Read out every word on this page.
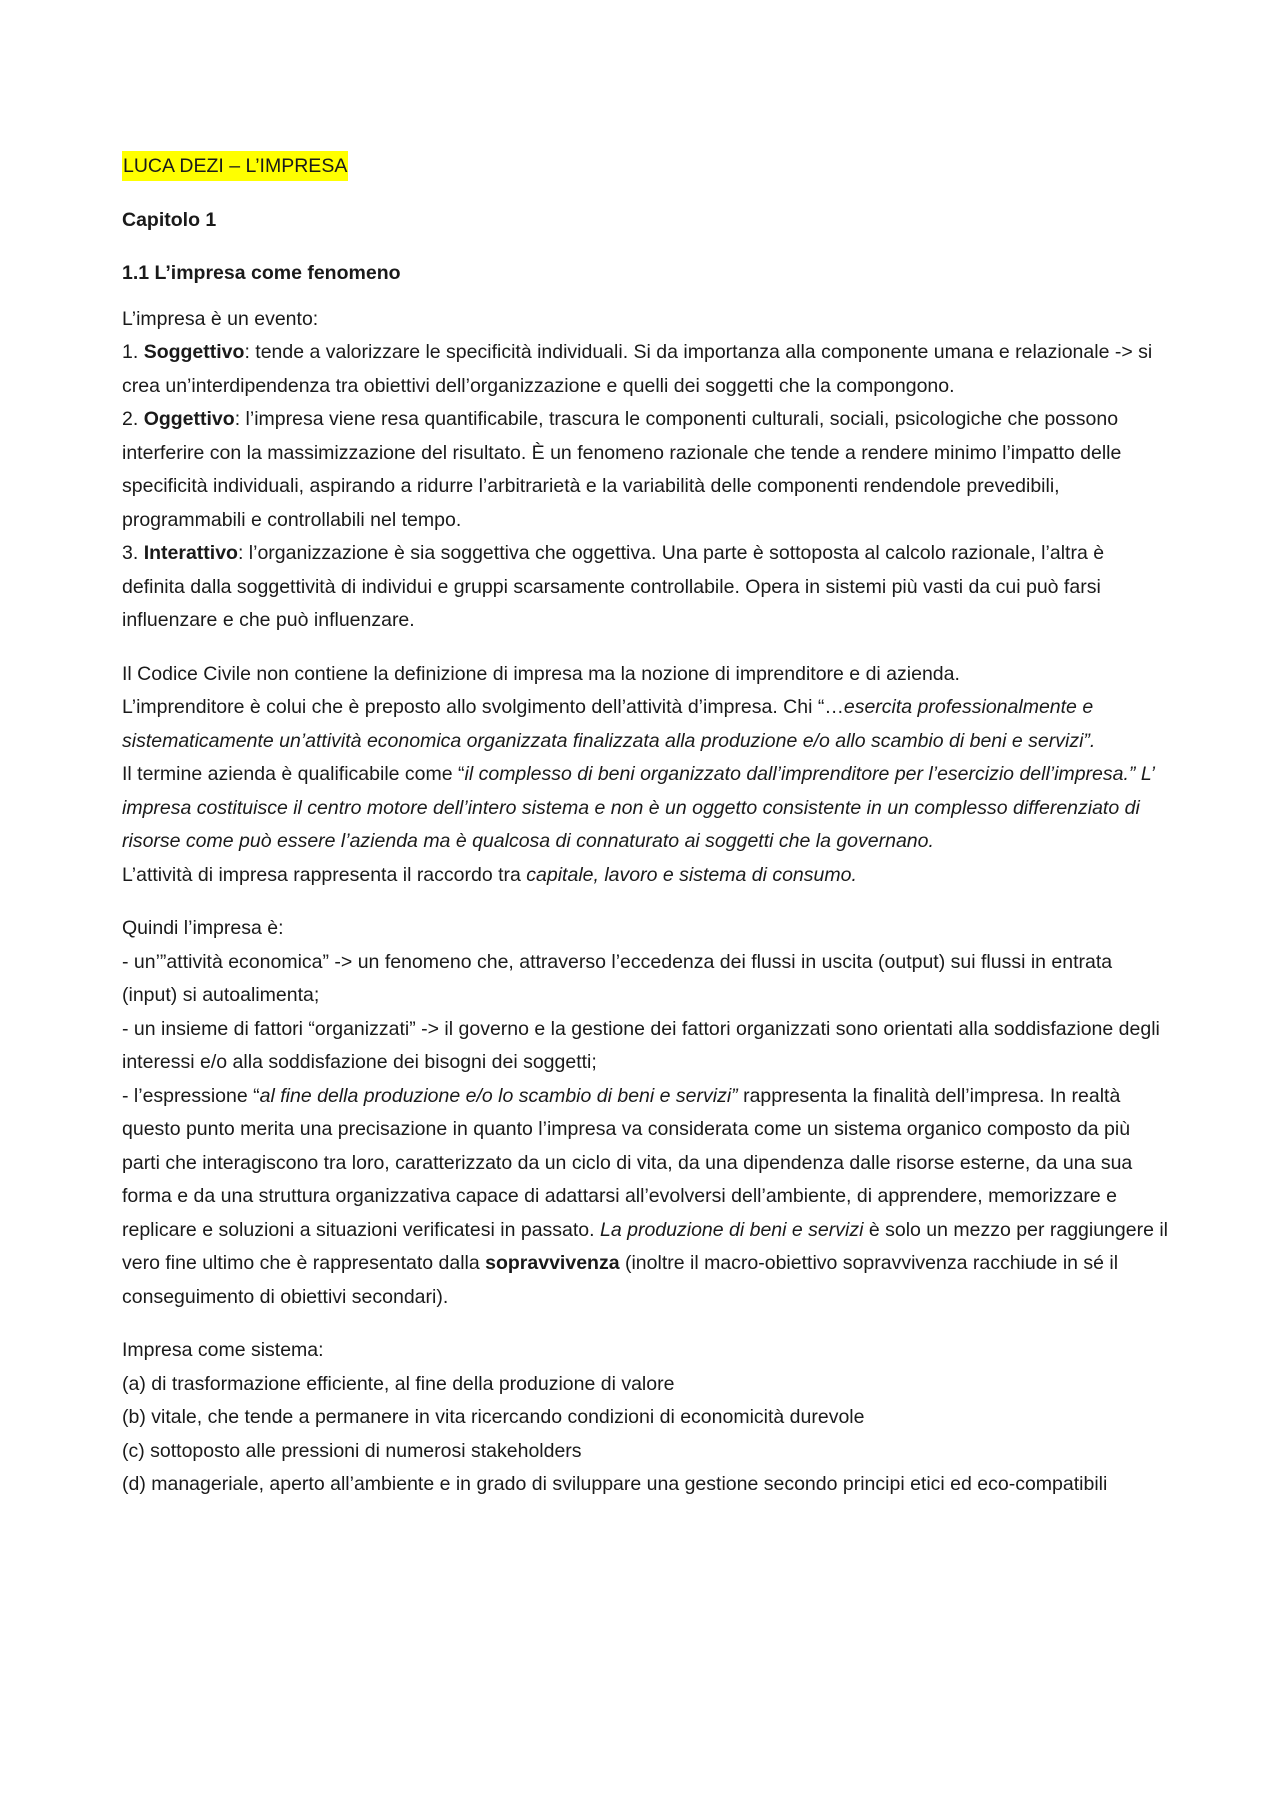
LUCA DEZI – L’IMPRESA

Capitolo 1

1.1 L’impresa come fenomeno

L’impresa è un evento:

1. Soggettivo: tende a valorizzare le specificità individuali. Si da importanza alla componente umana e relazionale -> si crea un’interdipendenza tra obiettivi dell’organizzazione e quelli dei soggetti che la compongono.

2. Oggettivo: l’impresa viene resa quantificabile, trascura le componenti culturali, sociali, psicologiche che possono interferire con la massimizzazione del risultato. È un fenomeno razionale che tende a rendere minimo l’impatto delle specificità individuali, aspirando a ridurre l’arbitrarietà e la variabilità delle componenti rendendole prevedibili, programmabili e controllabili nel tempo.

3. Interattivo: l’organizzazione è sia soggettiva che oggettiva. Una parte è sottoposta al calcolo razionale, l’altra è definita dalla soggettività di individui e gruppi scarsamente controllabile. Opera in sistemi più vasti da cui può farsi influenzare e che può influenzare.

Il Codice Civile non contiene la definizione di impresa ma la nozione di imprenditore e di azienda.

L’imprenditore è colui che è preposto allo svolgimento dell’attività d’impresa. Chi “…esercita professionalmente e sistematicamente un’attività economica organizzata finalizzata alla produzione e/o allo scambio di beni e servizi”.

Il termine azienda è qualificabile come “il complesso di beni organizzato dall’imprenditore per l’esercizio dell’impresa.” L’ impresa costituisce il centro motore dell’intero sistema e non è un oggetto consistente in un complesso differenziato di risorse come può essere l’azienda ma è qualcosa di connaturato ai soggetti che la governano.

L’attività di impresa rappresenta il raccordo tra capitale, lavoro e sistema di consumo.

Quindi l’impresa è:

- un’”attività economica” -> un fenomeno che, attraverso l’eccedenza dei flussi in uscita (output) sui flussi in entrata (input) si autoalimenta;

- un insieme di fattori “organizzati” -> il governo e la gestione dei fattori organizzati sono orientati alla soddisfazione degli interessi e/o alla soddisfazione dei bisogni dei soggetti;

- l’espressione “al fine della produzione e/o lo scambio di beni e servizi” rappresenta la finalità dell’impresa. In realtà questo punto merita una precisazione in quanto l’impresa va considerata come un sistema organico composto da più parti che interagiscono tra loro, caratterizzato da un ciclo di vita, da una dipendenza dalle risorse esterne, da una sua forma e da una struttura organizzativa capace di adattarsi all’evolversi dell’ambiente, di apprendere, memorizzare e replicare e soluzioni a situazioni verificatesi in passato. La produzione di beni e servizi è solo un mezzo per raggiungere il vero fine ultimo che è rappresentato dalla sopravvivenza (inoltre il macro-obiettivo sopravvivenza racchiude in sé il conseguimento di obiettivi secondari).

Impresa come sistema:

(a) di trasformazione efficiente, al fine della produzione di valore

(b) vitale, che tende a permanere in vita ricercando condizioni di economicità durevole

(c) sottoposto alle pressioni di numerosi stakeholders

(d) manageriale, aperto all’ambiente e in grado di sviluppare una gestione secondo principi etici ed eco-compatibili
